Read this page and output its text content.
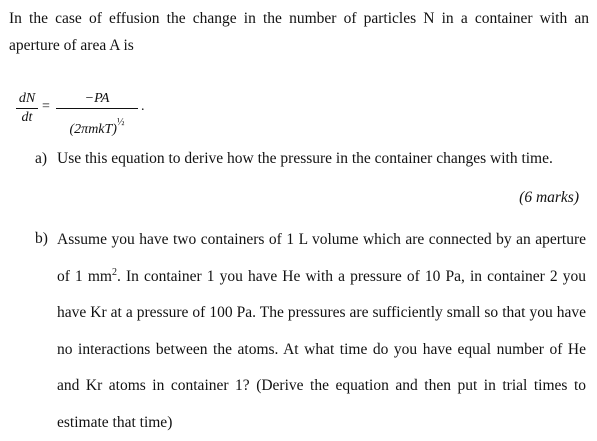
In the case of effusion the change in the number of particles N in a container with an
aperture of area A is
$\frac{dN}{dt}$ =
−PA
$(2\pi mkT)^{\frac{1}{2}}$
.
a) Use this equation to derive how the pressure in the container changes with time.
(6 marks)
b) Assume you have two containers of 1 L volume which are connected by an aperture of 1 $mm^2$. In container 1 you have He with a pressure of 10 Pa, in container 2 you have Kr at a pressure of 100 Pa. The pressures are sufficiently small so that you have no interactions between the atoms. At what time do you have equal number of He and Kr atoms in container 1? (Derive the equation and then put in trial times to estimate that time)
